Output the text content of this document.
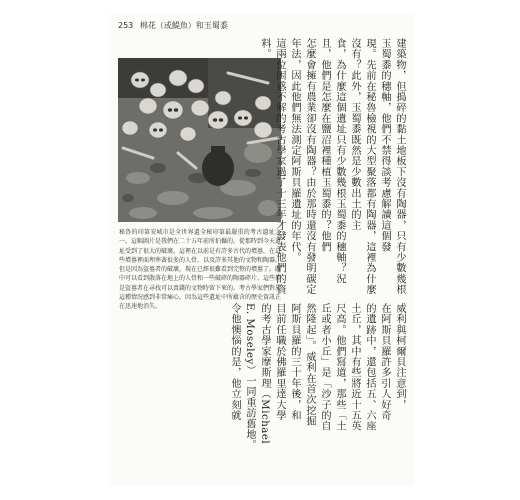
253 棉花（或鯷魚）和玉蜀黍
秘魯的印第安城市是全世界遺全秘印第最嚴重的考古遺址之一。這幅圖片是我們在二十五年前所拍攝的，從那時到今天遺址受到了很大的破壞。這裡在以前是有許多古代的墳墓，在這些墳墓裡面埋葬著很多的人骨，以及許多其他的文物和陶器。但是因為盜墓者的破壞，現在已經很難看到完整的墳墓了。圖中可以看到散落在地上的人骨和一些破碎的陶器碎片。這些都是盜墓者在尋找可以賣錢的文物時留下來的。考古學家們對於這種情況感到非常痛心，因為這些遺址中所蘊含的歷史資訊正在迅速地消失。
建築物，但搗碎的黏土地板下沒有陶器，只有少數幾根玉蜀黍的穗軸，他們不禁得談考慮解讀這個發
現。先前在秘魯檢視的大型聚落都有陶器，這裡為什麼沒有？此外，玉蜀黍既然是少數出土的主
食，為什麼這個遺址只有少數幾根玉蜀黍的穗軸？況且，他們是怎麼在鹽沼裡種植玉蜀黍的？他們
怎麼會擁有農業卻沒有陶器？由於那時還沒有發明碳定年法，因此他們無法測定阿斯貝羅遺址的年代。
這兩位困惑不解的考古學家過了十三年才發表他們的資料。
威利與柯爾貝注意到，
在阿斯貝羅許多引人好奇
的遺跡中，還包括五、六座
土丘，其中有些將近十五英
尺高。他們寫道，那些「土
丘或者小丘」是「沙子的自
然隆起」。威利在首次挖掘
阿斯貝羅的三十年後，和
目前任職於佛羅里達大學
的考古學家摩斯理（Michael
E. Moseley）一同重訪舊地。
令他懊惱的是，他立刻就
